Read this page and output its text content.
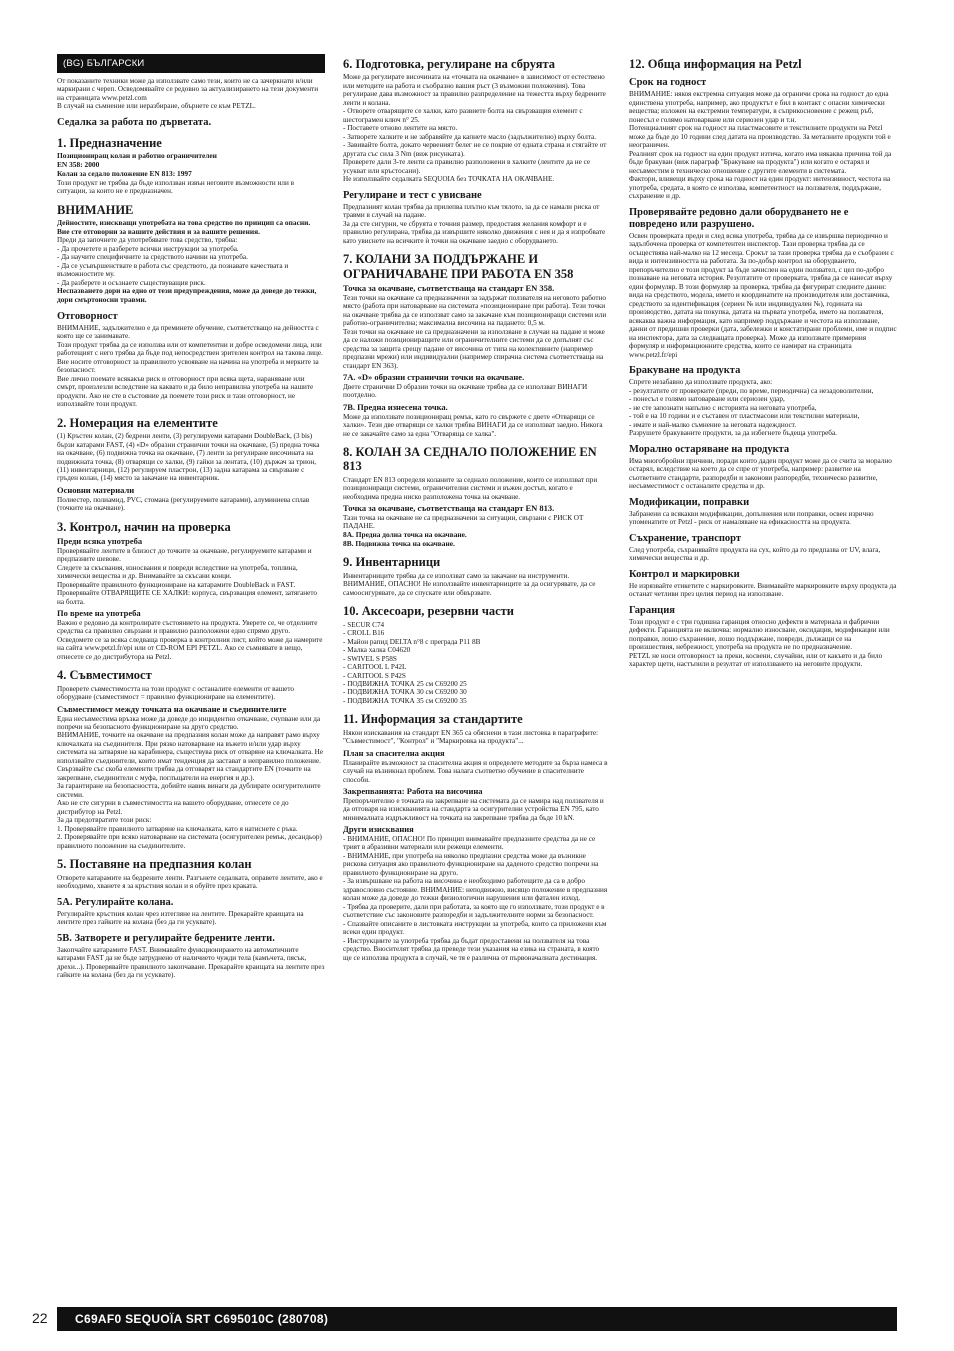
(BG) БЪЛГАРСКИ

От показаните техники може да използвате само тези, които не са зачеркнати и/или маркирани с череп. Осведомявайте се редовно за актуализирането на тези документи на страницата www.petzl.com
В случай на съмнение или неразбиране, обърнете се към PETZL.

Седалка за работа по дърветата.
1. Предназначение

Позициониращ колан и работно ограничителен
EN 358: 2000
Колан за седало положение EN 813: 1997

Този продукт не трябва да бъде използван извън неговите възможности или в ситуации, за които не е предназначен.

ВНИМАНИЕ

Дейностите, изискващи употребата на това средство по принцип са опасни.
Вие сте отговорни за вашите действия и за вашите решения.

Преди да започнете да употребявате това средство, трябва:
- Да прочетете и разберете всички инструкции за употреба.
- Да научите специфичните за средството начини на употреба.
- Да се усъвършенствате в работа със средството, да познавате качествата и възможностите му.
- Да разберете и осъзнаете съществуващия риск.

Неспазването дори на едно от тези предупреждения, може да доведе до тежки, дори смъртоносни травми.

Отговорност

ВНИМАНИЕ, задължително е да преминете обучение, съответстващо на дейността с която ще се занимавате.
Този продукт трябва да се използва или от компетентни и добре осведомени лица, или работещият с него трябва да бъде под непосредствен зрителен контрол на такова лице.
Вие носите отговорност за правилното усвояване на начина на употреба и мерките за безопасност.
Вие лично поемате всякакъв риск и отговорност при всяка щета, нараняване или смърт, произлезли вследствие на каквато и да било неправилна употреба на нашите продукти. Ако не сте в състояние да поемете този риск и тази отговорност, не използвайте този продукт.

2. Номерация на елементите

(1) Кръстен колан, (2) бедрени ленти, (3) регулируеми катарами DoubleBack, (3 bis) бързи катарами FAST, (4) «D» образни странични точки на окачване, (5) предна точка на окачване, (6) подвижна точка на окачване, (7) ленти за регулиране височината на подвижната точка, (8) отварящи се халки, (9) гайки за лентата, (10) държач за трион, (11) инвентарници, (12) регулируем пластрон, (13) задна катарама за свързване с гръден колан, (14) място за закачане на инвентарник.

Основни материали

Полиестер, полиамид, PVC, стомана (регулируемите катарами), алуминиева сплав (точките на окачване).

3. Контрол, начин на проверка
Преди всяка употреба

Проверявайте лентите в близост до точките за окачване, регулируемите катарами и предпазните шевове.
Следете за скъсвания, износвания и повреди вследствие на употреба, топлина, химически вещества и др. Внимавайте за скъсани конци.
Проверявайте правилното функциониране на катарамите DoubleBack и FAST.
Проверявайте ОТВАРЯЩИТЕ СЕ ХАЛКИ: корпуса, свързващия елемент, затягането на болта.

По време на употреба

Важно е редовно да контролирате състоянието на продукта. Уверете се, че отделните средства са правилно свързани и правилно разположени едно спрямо друго.
Осведомете се за всяка следваща проверка в контролния лист, който може да намерите на сайта www.petzl.fr/epi или от CD-ROM EPI PETZL. Ако се съмнявате в нещо, отнесете се до дистрибутора на Petzl.

4. Съвместимост

Проверете съвместимостта на този продукт с останалите елементи от вашето оборудване (съвместимост = правилно функциониране на елементите).

Съвместимост между точката на окачване и съединителите

Една несъвместима връзка може да доведе до инцидентно откачване, счупване или да попречи на безопасното функциониране на друго средство.
ВНИМАНИЕ, точките на окачване на предпазния колан може да направят рамо върху ключалката на съединителя. При рязко натоварване на въжето и/или удар върху системата на затваряне на карабинера, съществува риск от отваряне на ключалката. Не използвайте съединители, които имат тенденция да застават в неправилно положение.
Свързвайте със скоба елементи трябва да отговарят на стандартите EN (точките на закрепване, съединители с муфа, поглъщатели на енергия и др.).
За гарантиране на безопасността, добийте навик винаги да дублирате осигурителните системи.
Ако не сте сигурни в съвместимостта на вашето оборудване, отнесете се до дистрибутор на Petzl.
За да предотвратите този риск:
1. Проверявайте правилното затваряне на ключалката, като я натиснете с ръка.
2. Проверявайте при всяко натоварване на системата (осигурителен ремък, десандьор) правилното положение на съединителите.

5. Поставяне на предпазния колан

Отворете катарамите на бедрените ленти. Разгънете седалката, оправете лентите, ако е необходимо, хванете я за кръстния колан и я обуйте през краката.

5А. Регулирайте колана.

Регулирайте кръстния колан чрез изтегляне на лентите. Прекарайте краищата на лентите през гайките на колана (без да ги усуквате).

5В. Затворете и регулирайте бедрените ленти.

Закопчайте катарамите FAST. Внимавайте функционирането на автоматичните катарами FAST да не бъде затруднено от наличието чужди тела (камъчета, пясък, дрехи...). Проверявайте правилното закопчаване. Прекарайте краищата на лентите през гайките на колана (без да ги усуквате).

6. Подготовка, регулиране на сбруята

Може да регулирате височината на «точката на окачване» в зависимост от естествено или методите на работа и съобразно вашия ръст (3 възможни положения). Това регулиране дава възможност за правилно разпределение на тежестта върху бедрените ленти и колана.
- Отворете отварящите се халки, като развиете болта на свързващия елемент с шестограмен ключ n° 25.
- Поставете отново лентите на място.
- Затворете халките и не забравяйте да капнете масло (задължително) върху болта.
- Завивайте болта, докато червеният белег не се покрие от едната страна и стягайте от другата със сила 3 Nm (виж рисунката).
Проверете дали 3-те ленти са правилно разположени в халките (лентите да не се усукват или кръстосани).
Не използвайте седалката SEQUOIA без ТОЧКАТА НА ОКАЧВАНЕ.

Регулиране и тест с увисване

Предпазният колан трябва да прилепва плътно към тялото, за да се намали риска от травми в случай на падане.
За да сте сигурни, че сбруята е точния размер, предоставя желания комфорт и е правилно регулирана, трябва да извършите няколко движения с нея и да я изпробвате като увиснете на всичките ѝ точки на окачване заедно с оборудването.

7. КОЛАНИ ЗА ПОДДЪРЖАНЕ И ОГРАНИЧАВАНЕ ПРИ РАБОТА EN 358
Точка за окачване, съответстваща на стандарт EN 358.

Тези точки на окачване са предназначени за задържат ползвателя на неговото работно място (работа при натоварване на системата «позициониране при работа). Тези точки на окачване трябва да се използват само за закачане към позициониращи системи или работно-ограничителна; максимална височина на падането: 0,5 м.
Тези точки на окачване не са предназначени за използване в случаи на падане и може да се наложи позициониращите или ограничителните системи да се допълнят със средства за защита срещу падане от височина от типа на колективните (например предпазни мрежи) или индивидуални (например спирачна система съответстваща на стандарт EN 363).

7А. «D» образни странични точки на окачване.

Двете странични D образни точки на окачване трябва да се използват ВИНАГИ поотделно.

7В. Предна изнесена точка.

Може да използвате позициониращ ремък, като го свържете с двете «Отварящи се халки». Тези две отварящи се халки трябва ВИНАГИ да се използват заедно. Никога не се закачайте само за една "Отваряща се халка".

8. КОЛАН ЗА СЕДНАЛО ПОЛОЖЕНИЕ EN 813

Стандарт EN 813 определя коланите за седнало положение, които се използват при позициониращи системи, ограничителни системи и въжен достъп, когато е необходима предна ниско разположена точка на окачване.

Точка за окачване, съответстваща на стандарт EN 813.

Тази точка на окачване не са предназначени за ситуации, свързани с РИСК ОТ ПАДАНЕ.

8A. Предна долна точка на окачване.
8B. Подвижна точка на окачване.

9. Инвентарници

Инвентарниците трябва да се използват само за закачане на инструменти. ВНИМАНИЕ, ОПАСНО! Не използвайте инвентарниците за да осигурявате, да се самоосигурявате, да се спускате или обвързвате.

10. Аксесоари, резервни части

- SECUR C74
- CROLL B16
- Майон рапид DELTA n°8 с преграда P11 8B
- Малка халка C04620
- SWIVEL S P58S
- CARITOOL L P42L
- CARITOOL S P42S
- ПОДВИЖНА ТОЧКА 25 см C69200 25
- ПОДВИЖНА ТОЧКА 30 см C69200 30
- ПОДВИЖНА ТОЧКА 35 см C69200 35

11. Информация за стандартите

Някои изискавания на стандарт EN 365 са обяснени в тази листовка в параграфите: "Съвместимост", "Контрол" и "Маркировка на продукта"...

План за спасителна акция

Планирайте възможност за спасителна акция и определете методите за бърза намеса в случай на възникнал проблем. Това налага съответно обучение в спасителните способи.

Закрепванията: Работа на височина

Препоръчително е точката на закрепване на системата да се намира над ползвателя и да отговаря на изискванията на стандарта за осигурителни устройства EN 795, като минималната издръжливост на точката на закрепване трябва да бъде 10 kN.

Други изисквания

- ВНИМАНИЕ, ОПАСНО! По принцип внимавайте предпазните средства да не се трият в абразивни материали или режещи елементи.
- ВНИМАНИЕ, при употреба на няколко предпазни средства може да възникне рискова ситуация ако правилното функциониране на даденото средство попречи на правилното функциониране на друго.
- За извършване на работа на височина е необходимо работещите да са в добро здравословно състояние. ВНИМАНИЕ: неподвижно, висящо положение в предпазния колан може да доведе до тежки физиологични нарушения или фатален изход.
- Трябва да проверите, дали при работата, за която ще го използвате, този продукт е в съответствие със законовите разпоредби и задължителните норми за безопасност.
- Спазвайте описаните в листовката инструкции за употреба, които са приложени към всеки един продукт.
- Инструкциите за употреба трябва да бъдат предоставени на ползвателя на това средство. Вносителят трябва да преведе тези указания на езика на страната, в която ще се използва продукта в случай, че тя е различна от първоначалната дестинация.

12. Обща информация на Petzl
Срок на годност

ВНИМАНИЕ: някоя екстремна ситуация може да ограничи срока на годност до една единствена употреба, например, ако продуктът е бил в контакт с опасни химически вещества; изложен на екстремни температури, в съприкосновение с режещ ръб, понесъл е голямо натоварване или сериозен удар и т.н.
Потенциалният срок на годност на пластмасовите и текстилните продукти на Petzl може да бъде до 10 години след датата на производство. За металните продукти той е неограничен.
Реалният срок на годност на един продукт изтича, когато има някаква причина той да бъде бракуван (виж параграф "Бракуване на продукта") или когато е остарял и несъвместим в техническо отношение с другите елементи в системата.
Фактори, влияещи върху срока на годност на един продукт: интензивност, честота на употреба, средата, в която се използва, компетентност на ползвателя, поддържане, съхранение и др.

Проверявайте редовно дали оборудването не е повредено или разрушено.

Освен проверката преди и след всяка употреба, трябва да се извършва периодично и задълбочена проверка от компетентен инспектор. Тази проверка трябва да се осъществява най-малко на 12 месеца. Срокът за тази проверка трябва да е съобразен с вида и интензивността на работата. За по-добър контрол на оборудването, препоръчително е този продукт за бъде зачислен на един ползвател, с цел по-добро познаване на неговата история. Резултатите от проверката, трябва да се нанесат върху един формуляр. В този формуляр за проверка, трябва да фигурират следните данни: вида на средството, модела, името и координатите на производителя или доставчика, средството за идентификация (сериен № или индивидуален №), годината на производство, датата на покупка, датата на първата употреба, името на ползвателя, всякаква важна информация, като например поддържане и честота на използване, данни от предишни проверки (дата, забележки и констатирани проблеми, име и подпис на инспектора, дата за следващата проверка). Може да използвате примерния формуляр и информационните средства, които се намират на страницата www.petzl.fr/epi

Бракуване на продукта

Спрете незабавно да използвате продукта, ако:
- резултатите от проверките (преди, по време, периодична) са незадоволителни,
- понесъл е голямо натоварване или сериозен удар,
- не сте запознати напълно с историята на неговата употреба,
- той е на 10 години и е съставен от пластмасови или текстилни материали,
- имате и най-малко съмнение за неговата надеждност.
Разрушете бракуваните продукти, за да избегнете бъдеща употреба.

Морално остаряване на продукта

Има многобройни причини, поради които даден продукт може да се счита за морално остарял, вследствие на което да се спре от употреба, например: развитие на съответните стандарти, разпоредби и законови разпоредби, техническо развитие, несъвместимост с останалите средства и др.

Модификации, поправки

Забранени са всякакви модификации, допълнения или поправки, освен изрично упоменатите от Petzl - риск от намаляване на ефикасността на продукта.

Съхранение, транспорт

След употреба, съхранявайте продукта на сух, който да го предпазва от UV, влага, химически вещества и др.

Контрол и маркировки

Не изрязвайте етикетите с маркировките. Внимавайте маркировките върху продукта да останат четливи през целия период на използване.

Гаранция

Този продукт е с три годишна гаранция относно дефекти в материала и фабрични дефекти. Гаранцията не включва: нормално износване, оксидация, модификации или поправки, лошо съхранение, лошо поддържане, повреди, дължащи се на произшествия, небрежност, употреба на продукта не по предназначение.
PETZL не носи отговорност за преки, косвени, случайни, или от какъвто и да било характер щети, настъпили в резултат от използването на неговите продукти.

22	C69AF0 SEQUOÏA SRT C695010C (280708)
